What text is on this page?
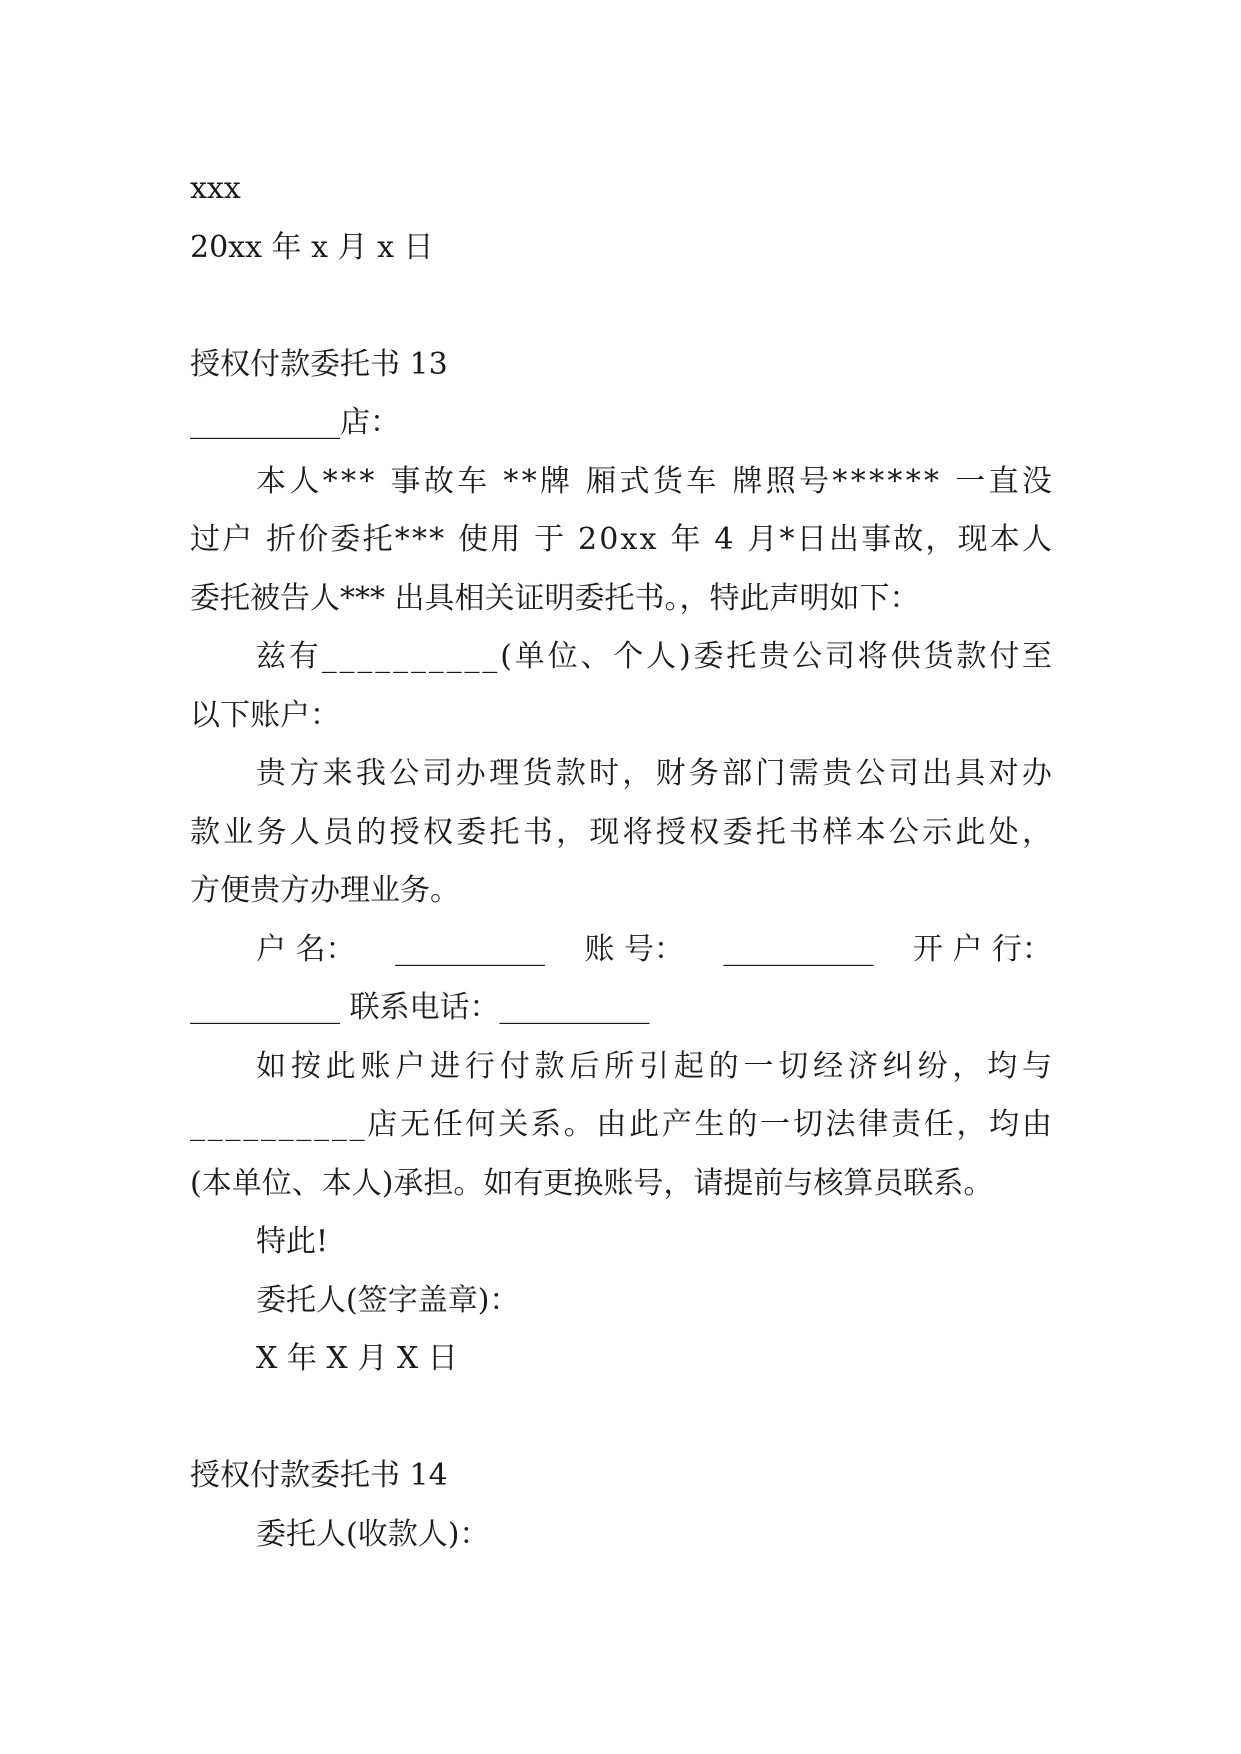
xxx
20xx 年 x 月 x 日
授权付款委托书 13
__________店：
本人*** 事故车 **牌 厢式货车 牌照号****** 一直没
过户 折价委托*** 使用 于 20xx 年 4 月*日出事故，现本人
委托被告人*** 出具相关证明委托书。，特此声明如下：
兹有__________(单位、个人)委托贵公司将供货款付至
以下账户：
贵方来我公司办理货款时，财务部门需贵公司出具对办
款业务人员的授权委托书，现将授权委托书样本公示此处，
方便贵方办理业务。
户 名： __________ 账 号： __________ 开 户 行：
__________ 联系电话：__________
如按此账户进行付款后所引起的一切经济纠纷，均与
__________店无任何关系。由此产生的一切法律责任，均由
(本单位、本人)承担。如有更换账号，请提前与核算员联系。
特此!
委托人(签字盖章)：
X 年 X 月 X 日
授权付款委托书 14
委托人(收款人)：
